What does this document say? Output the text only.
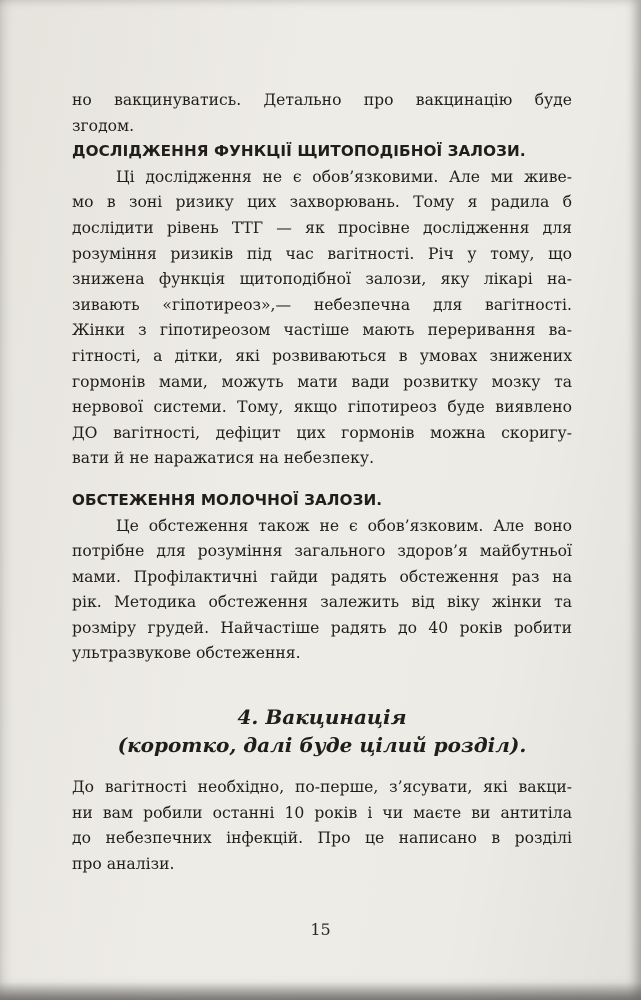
но вакцинуватись. Детально про вакцинацію буде
згодом.
ДОСЛІДЖЕННЯ ФУНКЦІЇ ЩИТОПОДІБНОЇ ЗАЛОЗИ.
Ці дослідження не є обов’язковими. Але ми живе-
мо в зоні ризику цих захворювань. Тому я радила б
дослідити рівень ТТГ — як просівне дослідження для
розуміння ризиків під час вагітності. Річ у тому, що
знижена функція щитоподібної залози, яку лікарі на-
зивають «гіпотиреоз»,— небезпечна для вагітності.
Жінки з гіпотиреозом частіше мають переривання ва-
гітності, а дітки, які розвиваються в умовах знижених
гормонів мами, можуть мати вади розвитку мозку та
нервової системи. Тому, якщо гіпотиреоз буде виявлено
ДО вагітності, дефіцит цих гормонів можна скоригу-
вати й не наражатися на небезпеку.
ОБСТЕЖЕННЯ МОЛОЧНОЇ ЗАЛОЗИ.
Це обстеження також не є обов’язковим. Але воно
потрібне для розуміння загального здоров’я майбутньої
мами. Профілактичні гайди радять обстеження раз на
рік. Методика обстеження залежить від віку жінки та
розміру грудей. Найчастіше радять до 40 років робити
ультразвукове обстеження.
4. Вакцинація
(коротко, далі буде цілий розділ).
До вагітності необхідно, по-перше, з’ясувати, які вакци-
ни вам робили останні 10 років і чи маєте ви антитіла
до небезпечних інфекцій. Про це написано в розділі
про аналізи.
15
